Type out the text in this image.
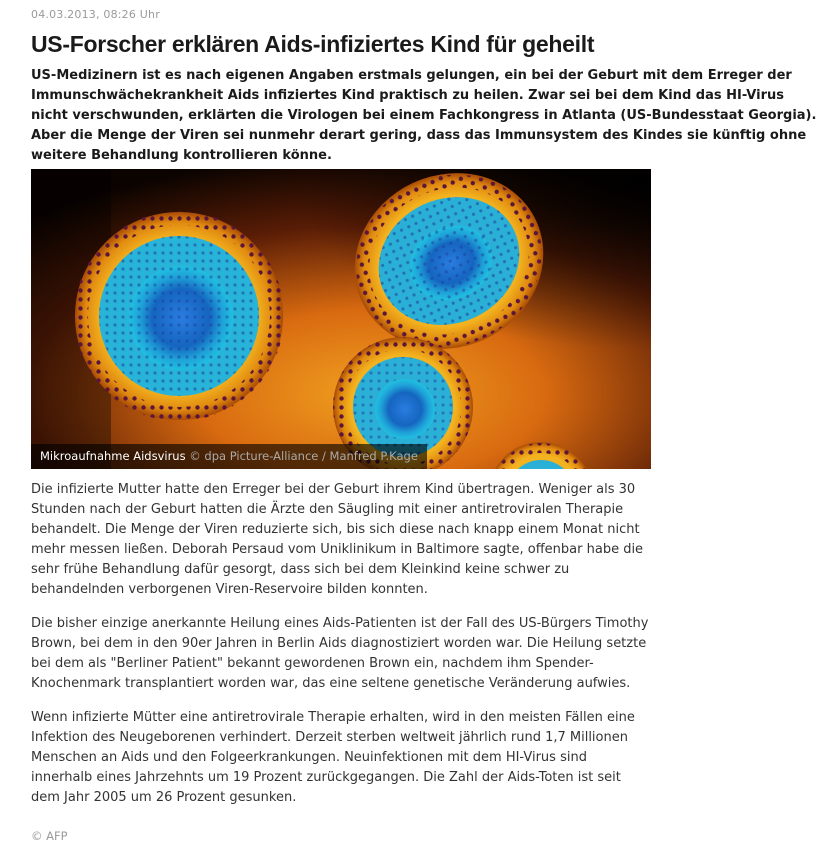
04.03.2013, 08:26 Uhr
US-Forscher erklären Aids-infiziertes Kind für geheilt

US-Medizinern ist es nach eigenen Angaben erstmals gelungen, ein bei der Geburt mit dem Erreger der Immunschwächekrankheit Aids infiziertes Kind praktisch zu heilen. Zwar sei bei dem Kind das HI-Virus nicht verschwunden, erklärten die Virologen bei einem Fachkongress in Atlanta (US-Bundesstaat Georgia). Aber die Menge der Viren sei nunmehr derart gering, dass das Immunsystem des Kindes sie künftig ohne weitere Behandlung kontrollieren könne.

Mikroaufnahme Aidsvirus © dpa Picture-Alliance / Manfred P.Kage

Die infizierte Mutter hatte den Erreger bei der Geburt ihrem Kind übertragen. Weniger als 30 Stunden nach der Geburt hatten die Ärzte den Säugling mit einer antiretroviralen Therapie behandelt. Die Menge der Viren reduzierte sich, bis sich diese nach knapp einem Monat nicht mehr messen ließen. Deborah Persaud vom Uniklinikum in Baltimore sagte, offenbar habe die sehr frühe Behandlung dafür gesorgt, dass sich bei dem Kleinkind keine schwer zu behandelnden verborgenen Viren-Reservoire bilden konnten.

Die bisher einzige anerkannte Heilung eines Aids-Patienten ist der Fall des US-Bürgers Timothy Brown, bei dem in den 90er Jahren in Berlin Aids diagnostiziert worden war. Die Heilung setzte bei dem als "Berliner Patient" bekannt gewordenen Brown ein, nachdem ihm Spender-Knochenmark transplantiert worden war, das eine seltene genetische Veränderung aufwies.

Wenn infizierte Mütter eine antiretrovirale Therapie erhalten, wird in den meisten Fällen eine Infektion des Neugeborenen verhindert. Derzeit sterben weltweit jährlich rund 1,7 Millionen Menschen an Aids und den Folgeerkrankungen. Neuinfektionen mit dem HI-Virus sind innerhalb eines Jahrzehnts um 19 Prozent zurückgegangen. Die Zahl der Aids-Toten ist seit dem Jahr 2005 um 26 Prozent gesunken.

© AFP
